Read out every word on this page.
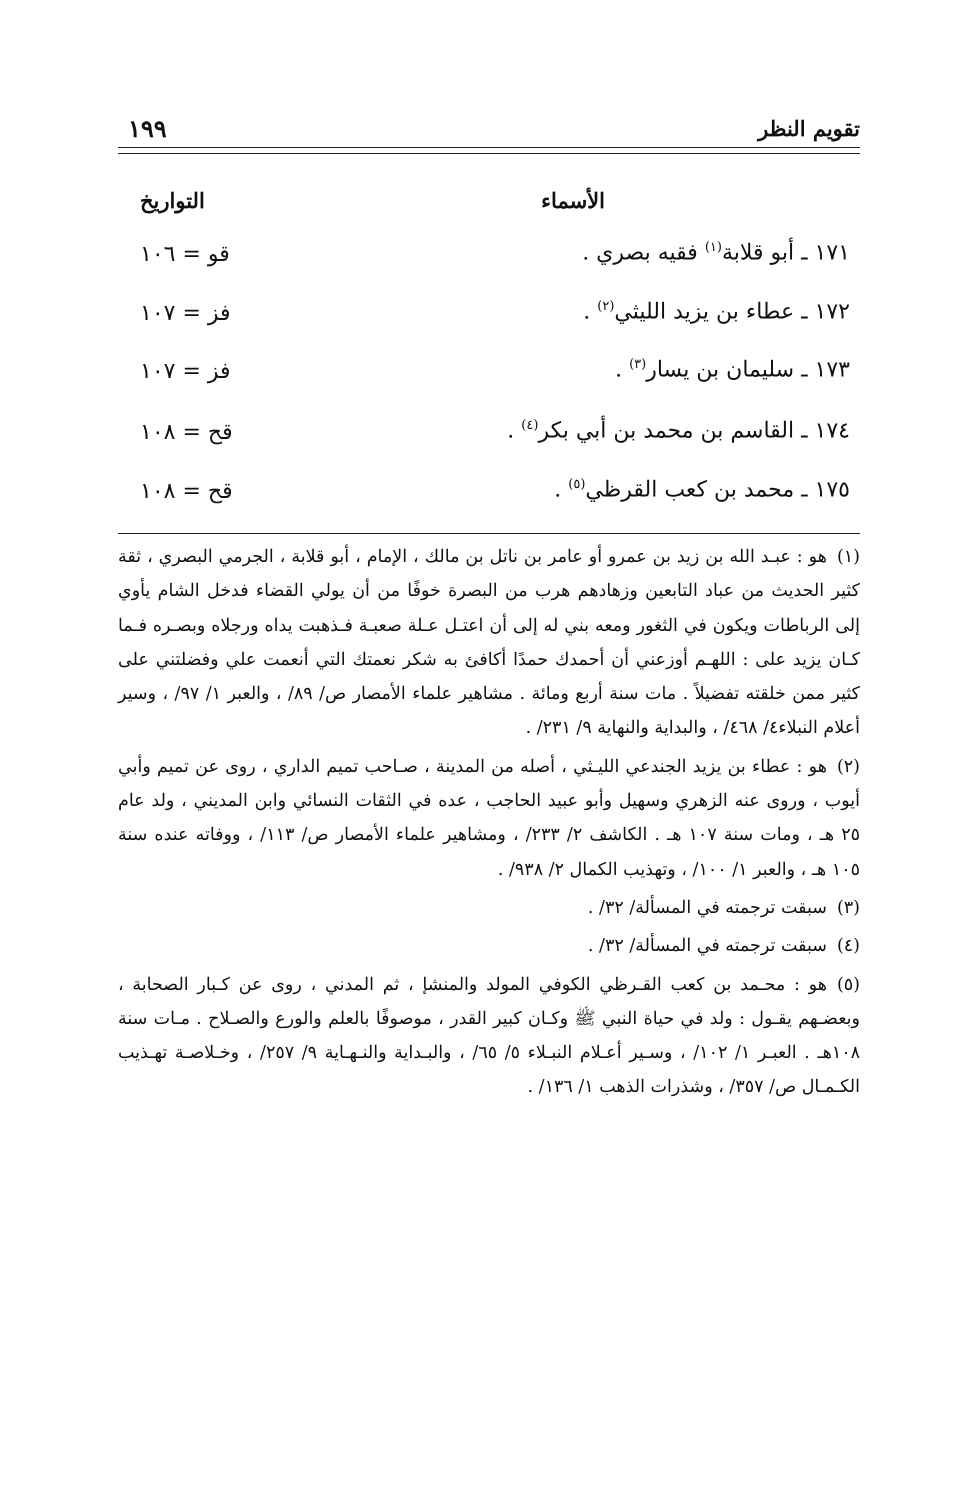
تقويم النظر
١٩٩
الأسماء
التواريخ
١٧١ ـ أبو قلابة$^{(١)}$ فقيه بصري .
قو = ١٠٦
١٧٢ ـ عطاء بن يزيد الليثي$^{(٢)}$ .
فز = ١٠٧
١٧٣ ـ سليمان بن يسار$^{(٣)}$ .
فز = ١٠٧
١٧٤ ـ القاسم بن محمد بن أبي بكر$^{(٤)}$ .
قح = ١٠٨
١٧٥ ـ محمد بن كعب القرظي$^{(٥)}$ .
قح = ١٠٨

(١)هو : عبـد الله بن زيد بن عمرو أو عامر بن ناتل بن مالك ، الإمام ، أبو قلابة ، الجرمي البصري ، ثقة كثير الحديث من عباد التابعين وزهادهم هرب من البصرة خوفًا من أن يولي القضاء فدخل الشام يأوي إلى الرباطات ويكون في الثغور ومعه بني له إلى أن اعتـل عـلة صعبـة فـذهبت يداه ورجلاه وبصـره فـما كـان يزيد على : اللهـم أوزعني أن أحمدك حمدًا أكافئ به شكر نعمتك التي أنعمت علي وفضلتني على كثير ممن خلقته تفضيلاً . مات سنة أربع ومائة . مشاهير علماء الأمصار ص/ ٨٩/ ، والعبر ١/ ٩٧/ ، وسير أعلام النبلاء٤/ ٤٦٨/ ، والبداية والنهاية ٩/ ٢٣١/ .

(٢)هو : عطاء بن يزيد الجندعي الليـثي ، أصله من المدينة ، صـاحب تميم الداري ، روى عن تميم وأبي أيوب ، وروى عنه الزهري وسهيل وأبو عبيد الحاجب ، عده في الثقات النسائي وابن المديني ، ولد عام ٢٥ هـ ، ومات سنة ١٠٧ هـ . الكاشف ٢/ ٢٣٣/ ، ومشاهير علماء الأمصار ص/ ١١٣/ ، ووفاته عنده سنة ١٠٥ هـ ، والعبر ١/ ١٠٠/ ، وتهذيب الكمال ٢/ ٩٣٨/ .

(٣)سبقت ترجمته في المسألة/ ٣٢/ .

(٤)سبقت ترجمته في المسألة/ ٣٢/ .

(٥)هو : محـمد بن كعب القـرظي الكوفي المولد والمنشإ ، ثم المدني ، روى عن كـبار الصحابة ، وبعضـهم يقـول : ولد في حياة النبي ﷺ وكـان كبير القدر ، موصوفًا بالعلم والورع والصـلاح . مـات سنة ١٠٨هـ . العبـر ١/ ١٠٢/ ، وسـير أعـلام النبـلاء ٥/ ٦٥/ ، والبـداية والنـهـاية ٩/ ٢٥٧/ ، وخـلاصـة تهـذيب الكـمـال ص/ ٣٥٧/ ، وشذرات الذهب ١/ ١٣٦/ .
